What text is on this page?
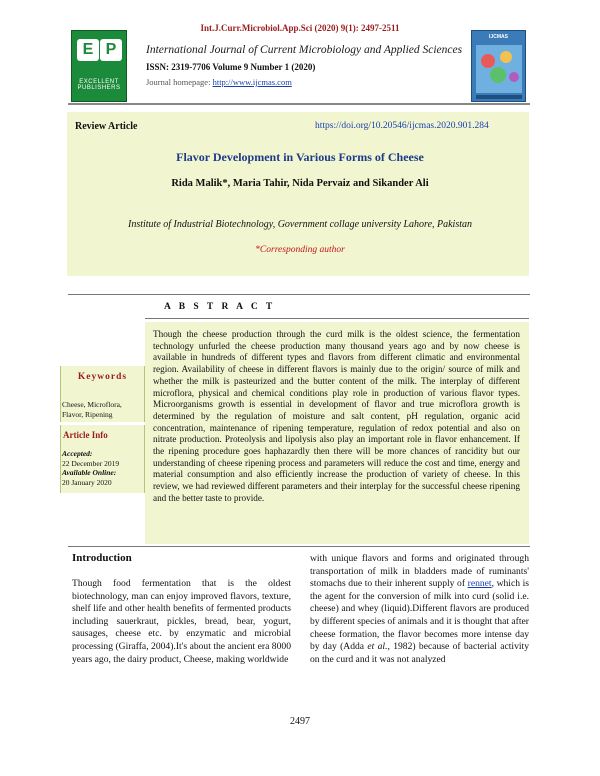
Int.J.Curr.Microbiol.App.Sci (2020) 9(1): 2497-2511
E P
EXCELLENT PUBLISHERS
International Journal of Current Microbiology and Applied Sciences
ISSN: 2319-7706 Volume 9 Number 1 (2020)
Journal homepage: http://www.ijcmas.com
IJCMAS
Review Article	https://doi.org/10.20546/ijcmas.2020.901.284
Flavor Development in Various Forms of Cheese
Rida Malik*, Maria Tahir, Nida Pervaiz and Sikander Ali
Institute of Industrial Biotechnology, Government collage university Lahore, Pakistan
*Corresponding author
A B S T R A C T
Though the cheese production through the curd milk is the oldest science, the fermentation technology unfurled the cheese production many thousand years ago and by now cheese is available in hundreds of different types and flavors from different climatic and environmental region. Availability of cheese in different flavors is mainly due to the origin/ source of milk and whether the milk is pasteurized and the butter content of the milk. The interplay of different microflora, physical and chemical conditions play role in production of various flavor types. Microorganisms growth is essential in development of flavor and true microflora growth is determined by the regulation of moisture and salt content, pH regulation, organic acid concentration, maintenance of ripening temperature, regulation of redox potential and also on nitrate production. Proteolysis and lipolysis also play an important role in flavor enhancement. If the ripening procedure goes haphazardly then there will be more chances of rancidity but our understanding of cheese ripening process and parameters will reduce the cost and time, energy and material consumption and also efficiently increase the production of variety of cheese. In this review, we had reviewed different parameters and their interplay for the successful cheese ripening and the better taste to provide.
Keywords
Cheese, Microflora, Flavor, Ripening
Article Info
Accepted:
22 December 2019
Available Online:
20 January 2020
Introduction
Though food fermentation that is the oldest biotechnology, man can enjoy improved flavors, texture, shelf life and other health benefits of fermented products including sauerkraut, pickles, bread, bear, yogurt, sausages, cheese etc. by enzymatic and microbial processing (Giraffa, 2004).It's about the ancient era 8000 years ago, the dairy product, Cheese, making worldwide
with unique flavors and forms and originated through transportation of milk in bladders made of ruminants' stomachs due to their inherent supply of rennet, which is the agent for the conversion of milk into curd (solid i.e. cheese) and whey (liquid).Different flavors are produced by different species of animals and it is thought that after cheese formation, the flavor becomes more intense day by day (Adda et al., 1982) because of bacterial activity on the curd and it was not analyzed
2497
